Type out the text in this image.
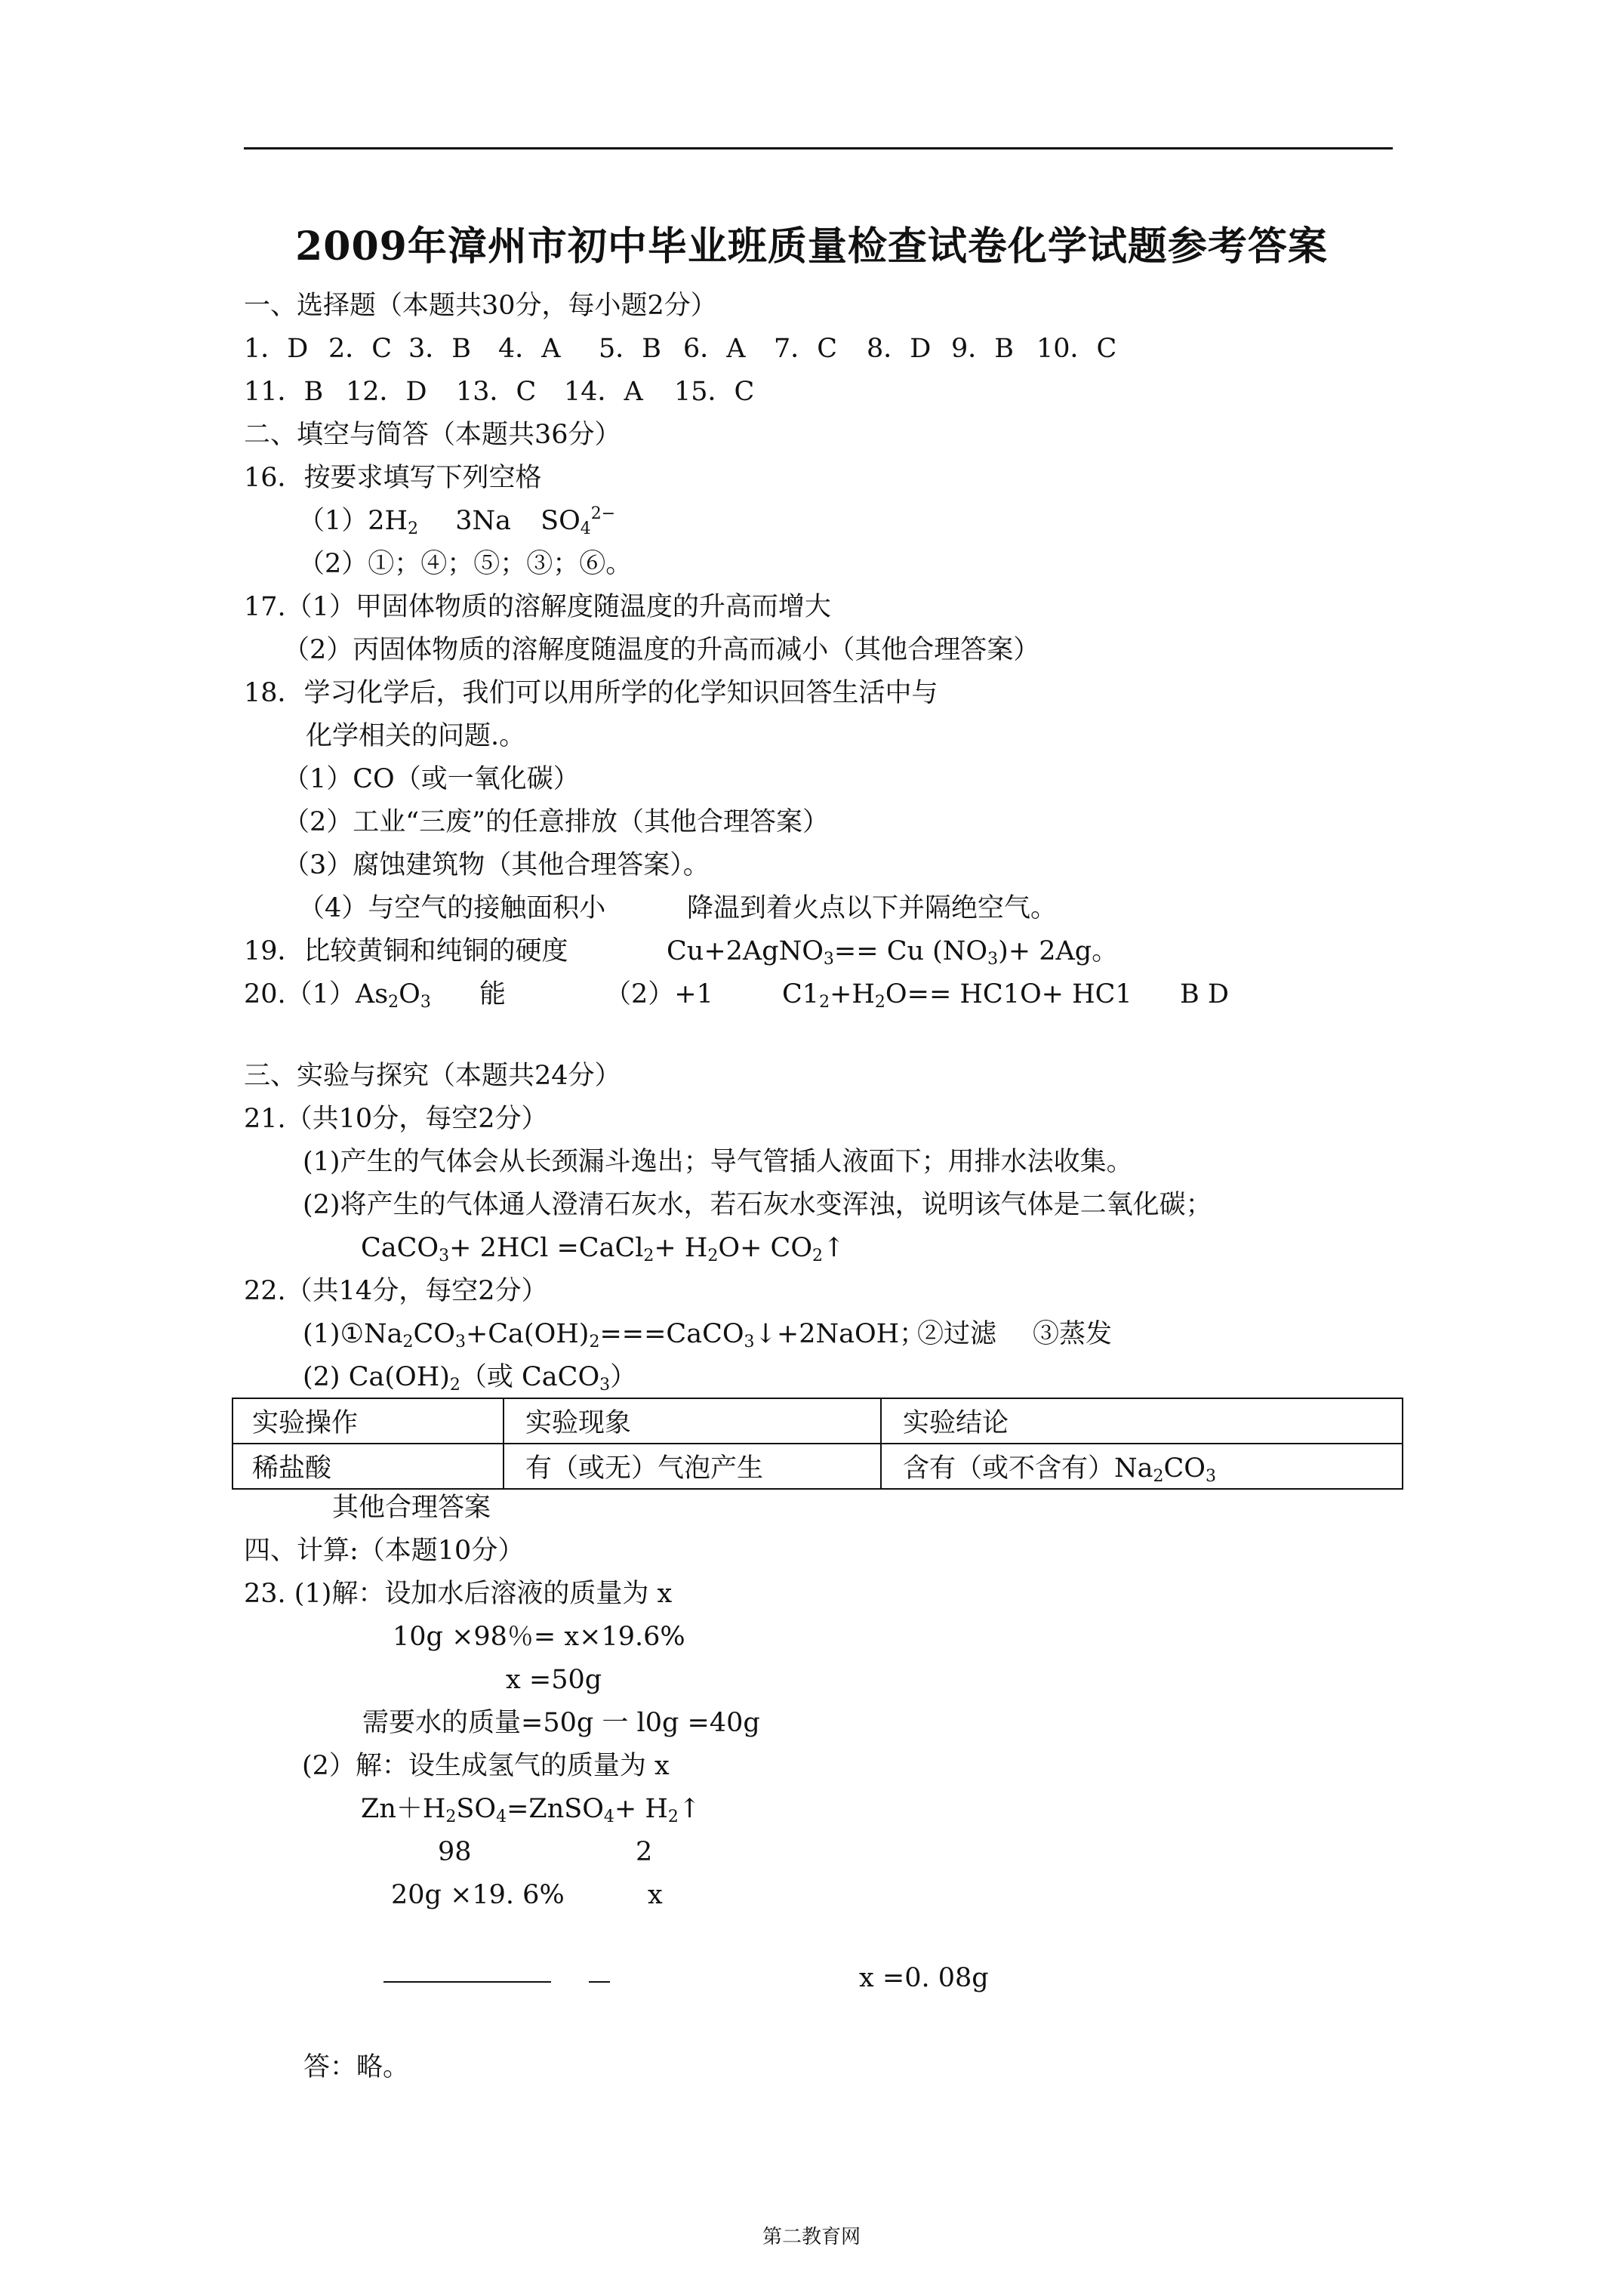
2009年漳州市初中毕业班质量检查试卷化学试题参考答案
一、选择题（本题共30分，每小题2分）
1．D 2．C 3．B 4．A 5．B 6．A 7．C 8．D 9．B 10．C
11．B 12．D 13．C 14．A 15．C
二、填空与简答（本题共36分）
16．按要求填写下列空格
$(1)2H_2$ 3Na $SO_4^{2-}$
（2）①；④；⑤；③；⑥。
17.（1）甲固体物质的溶解度随温度的升高而增大
（2）丙固体物质的溶解度随温度的升高而减小（其他合理答案）
18．学习化学后，我们可以用所学的化学知识回答生活中与
化学相关的问题.。
（1）CO（或一氧化碳）
（2）工业“三废”的任意排放（其他合理答案）
（3）腐蚀建筑物（其他合理答案）。
（4）与空气的接触面积小	降温到着火点以下并隔绝空气。
19．比较黄铜和纯铜的硬度	Cu+2AgNO$_3$== Cu $(NO_3)+ 2Ag$。
$20.(1)As_2O_3$ 能	（2）+1	$C1_2+H_2O== HC1O+ HC1$ B D
三、实验与探究（本题共24分）
21.（共10分，每空2分）
(1)产生的气体会从长颈漏斗逸出；导气管插人液面下；用排水法收集。
(2)将产生的气体通人澄清石灰水，若石灰水变浑浊，说明该气体是二氧化碳；
CaCO$_3$+ 2HCl =CaCl$_2$+ $H_2O+$ $CO_2↑$
22.（共14分，每空2分）
$(1)①Na_2CO_3+Ca(OH)_2===CaCO_3↓+2NaOH$；
②过滤 ③蒸发
(2) $Ca(OH)_2$（或 CaCO$_3$）
实验操作	实验现象	实验结论
稀盐酸	有（或无）气泡产生	含有（或不含有）$Na_2CO_3$
其他合理答案
四、计算:（本题10分）
23. (1)解：设加水后溶液的质量为 x
10g ×98％= x×19.6%
x =50g
需要水的质量=50g 一 l0g =40g
(2）解：设生成氢气的质量为 x
$Zn+H_2SO_4=ZnSO_4+$ $H_2↑$
98	2
20g ×19. 6%	x
x =0. 08g
答：略。
第二教育网
